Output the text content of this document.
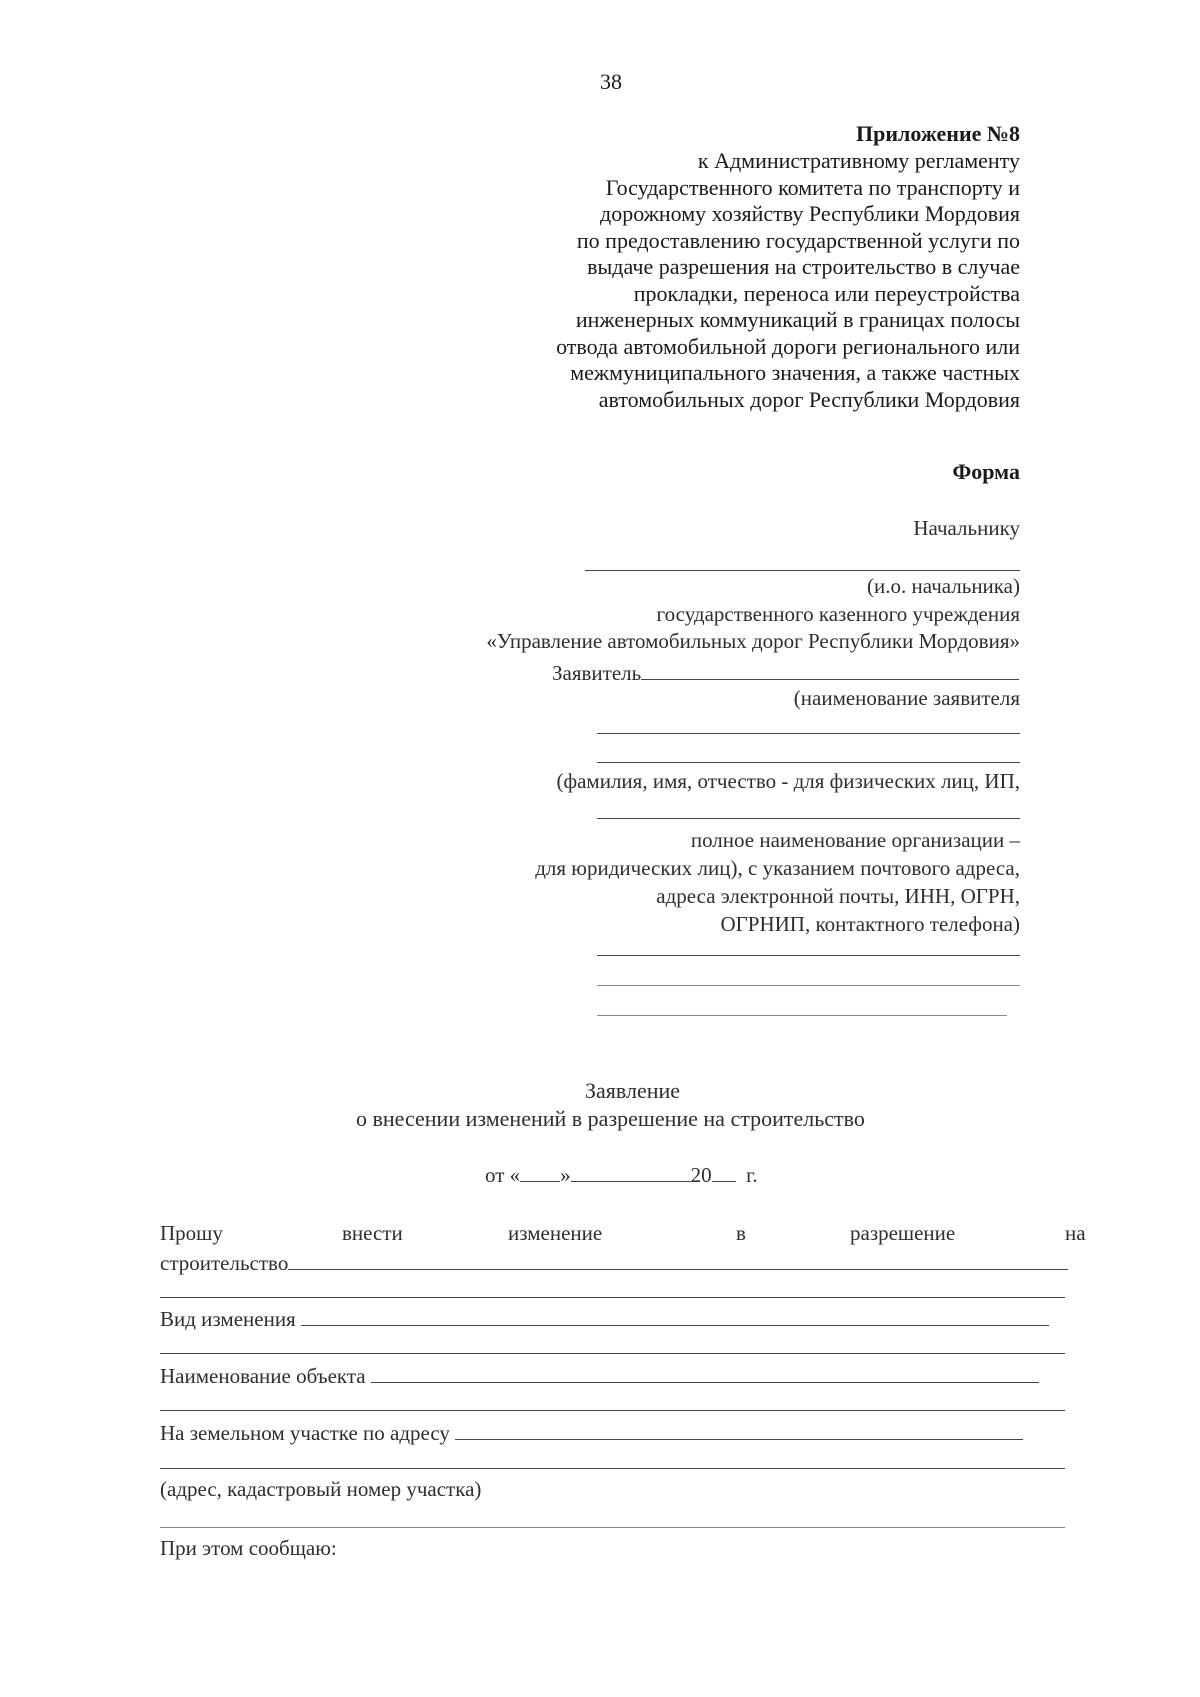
38
Приложение №8
к Административному регламенту
Государственного комитета по транспорту и
дорожному хозяйству Республики Мордовия
по предоставлению государственной услуги по
выдаче разрешения на строительство в случае
прокладки, переноса или переустройства
инженерных коммуникаций в границах полосы
отвода автомобильной дороги регионального или
межмуниципального значения, а также частных
автомобильных дорог Республики Мордовия
Форма
Начальнику
(и.о. начальника)
государственного казенного учреждения
«Управление автомобильных дорог Республики Мордовия»
Заявитель
(наименование заявителя
(фамилия, имя, отчество - для физических лиц, ИП,
полное наименование организации –
для юридических лиц), с указанием почтового адреса,
адреса электронной почты, ИНН, ОГРН,
ОГРНИП, контактного телефона)
Заявление
о внесении изменений в разрешение на строительство
от « »	20 г.
Прошу	внести	изменение	в	разрешение	на
строительство
Вид изменения
Наименование объекта
На земельном участке по адресу
(адрес, кадастровый номер участка)
При этом сообщаю:
